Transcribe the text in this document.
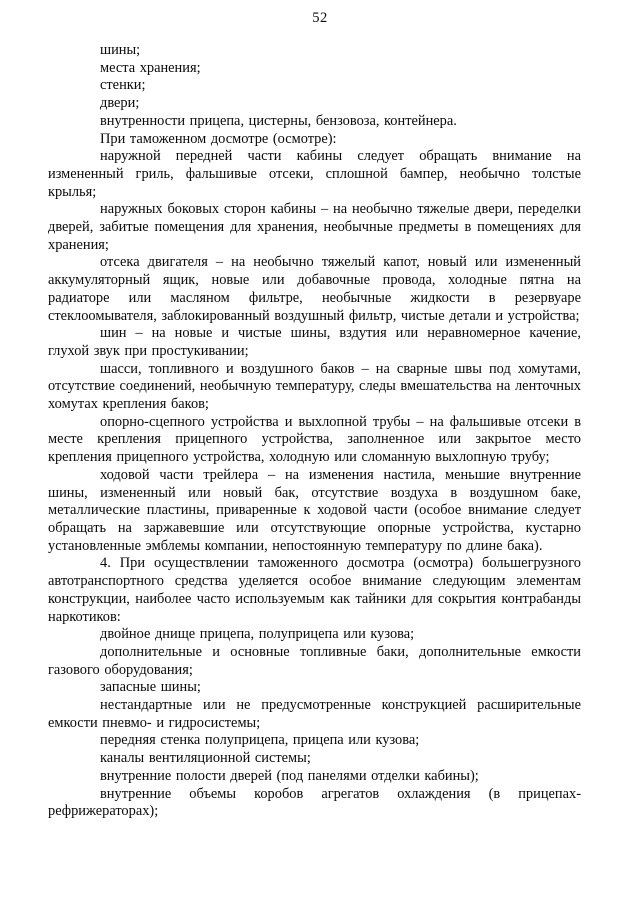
52

шины;

места хранения;

стенки;

двери;

внутренности прицепа, цистерны, бензовоза, контейнера.

При таможенном досмотре (осмотре):

наружной передней части кабины следует обращать внимание на измененный гриль, фальшивые отсеки, сплошной бампер, необычно толстые крылья;

наружных боковых сторон кабины – на необычно тяжелые двери, переделки дверей, забитые помещения для хранения, необычные предметы в помещениях для хранения;

отсека двигателя – на необычно тяжелый капот, новый или измененный аккумуляторный ящик, новые или добавочные провода, холодные пятна на радиаторе или масляном фильтре, необычные жидкости в резервуаре стеклоомывателя, заблокированный воздушный фильтр, чистые детали и устройства;

шин – на новые и чистые шины, вздутия или неравномерное качение, глухой звук при простукивании;

шасси, топливного и воздушного баков – на сварные швы под хомутами, отсутствие соединений, необычную температуру, следы вмешательства на ленточных хомутах крепления баков;

опорно-сцепного устройства и выхлопной трубы – на фальшивые отсеки в месте крепления прицепного устройства, заполненное или закрытое место крепления прицепного устройства, холодную или сломанную выхлопную трубу;

ходовой части трейлера – на изменения настила, меньшие внутренние шины, измененный или новый бак, отсутствие воздуха в воздушном баке, металлические пластины, приваренные к ходовой части (особое внимание следует обращать на заржавевшие или отсутствующие опорные устройства, кустарно установленные эмблемы компании, непостоянную температуру по длине бака).

4. При осуществлении таможенного досмотра (осмотра) большегрузного автотранспортного средства уделяется особое внимание следующим элементам конструкции, наиболее часто используемым как тайники для сокрытия контрабанды наркотиков:

двойное днище прицепа, полуприцепа или кузова;

дополнительные и основные топливные баки, дополнительные емкости газового оборудования;

запасные шины;

нестандартные или не предусмотренные конструкцией расширительные емкости пневмо- и гидросистемы;

передняя стенка полуприцепа, прицепа или кузова;

каналы вентиляционной системы;

внутренние полости дверей (под панелями отделки кабины);

внутренние объемы коробов агрегатов охлаждения (в прицепах-рефрижераторах);
